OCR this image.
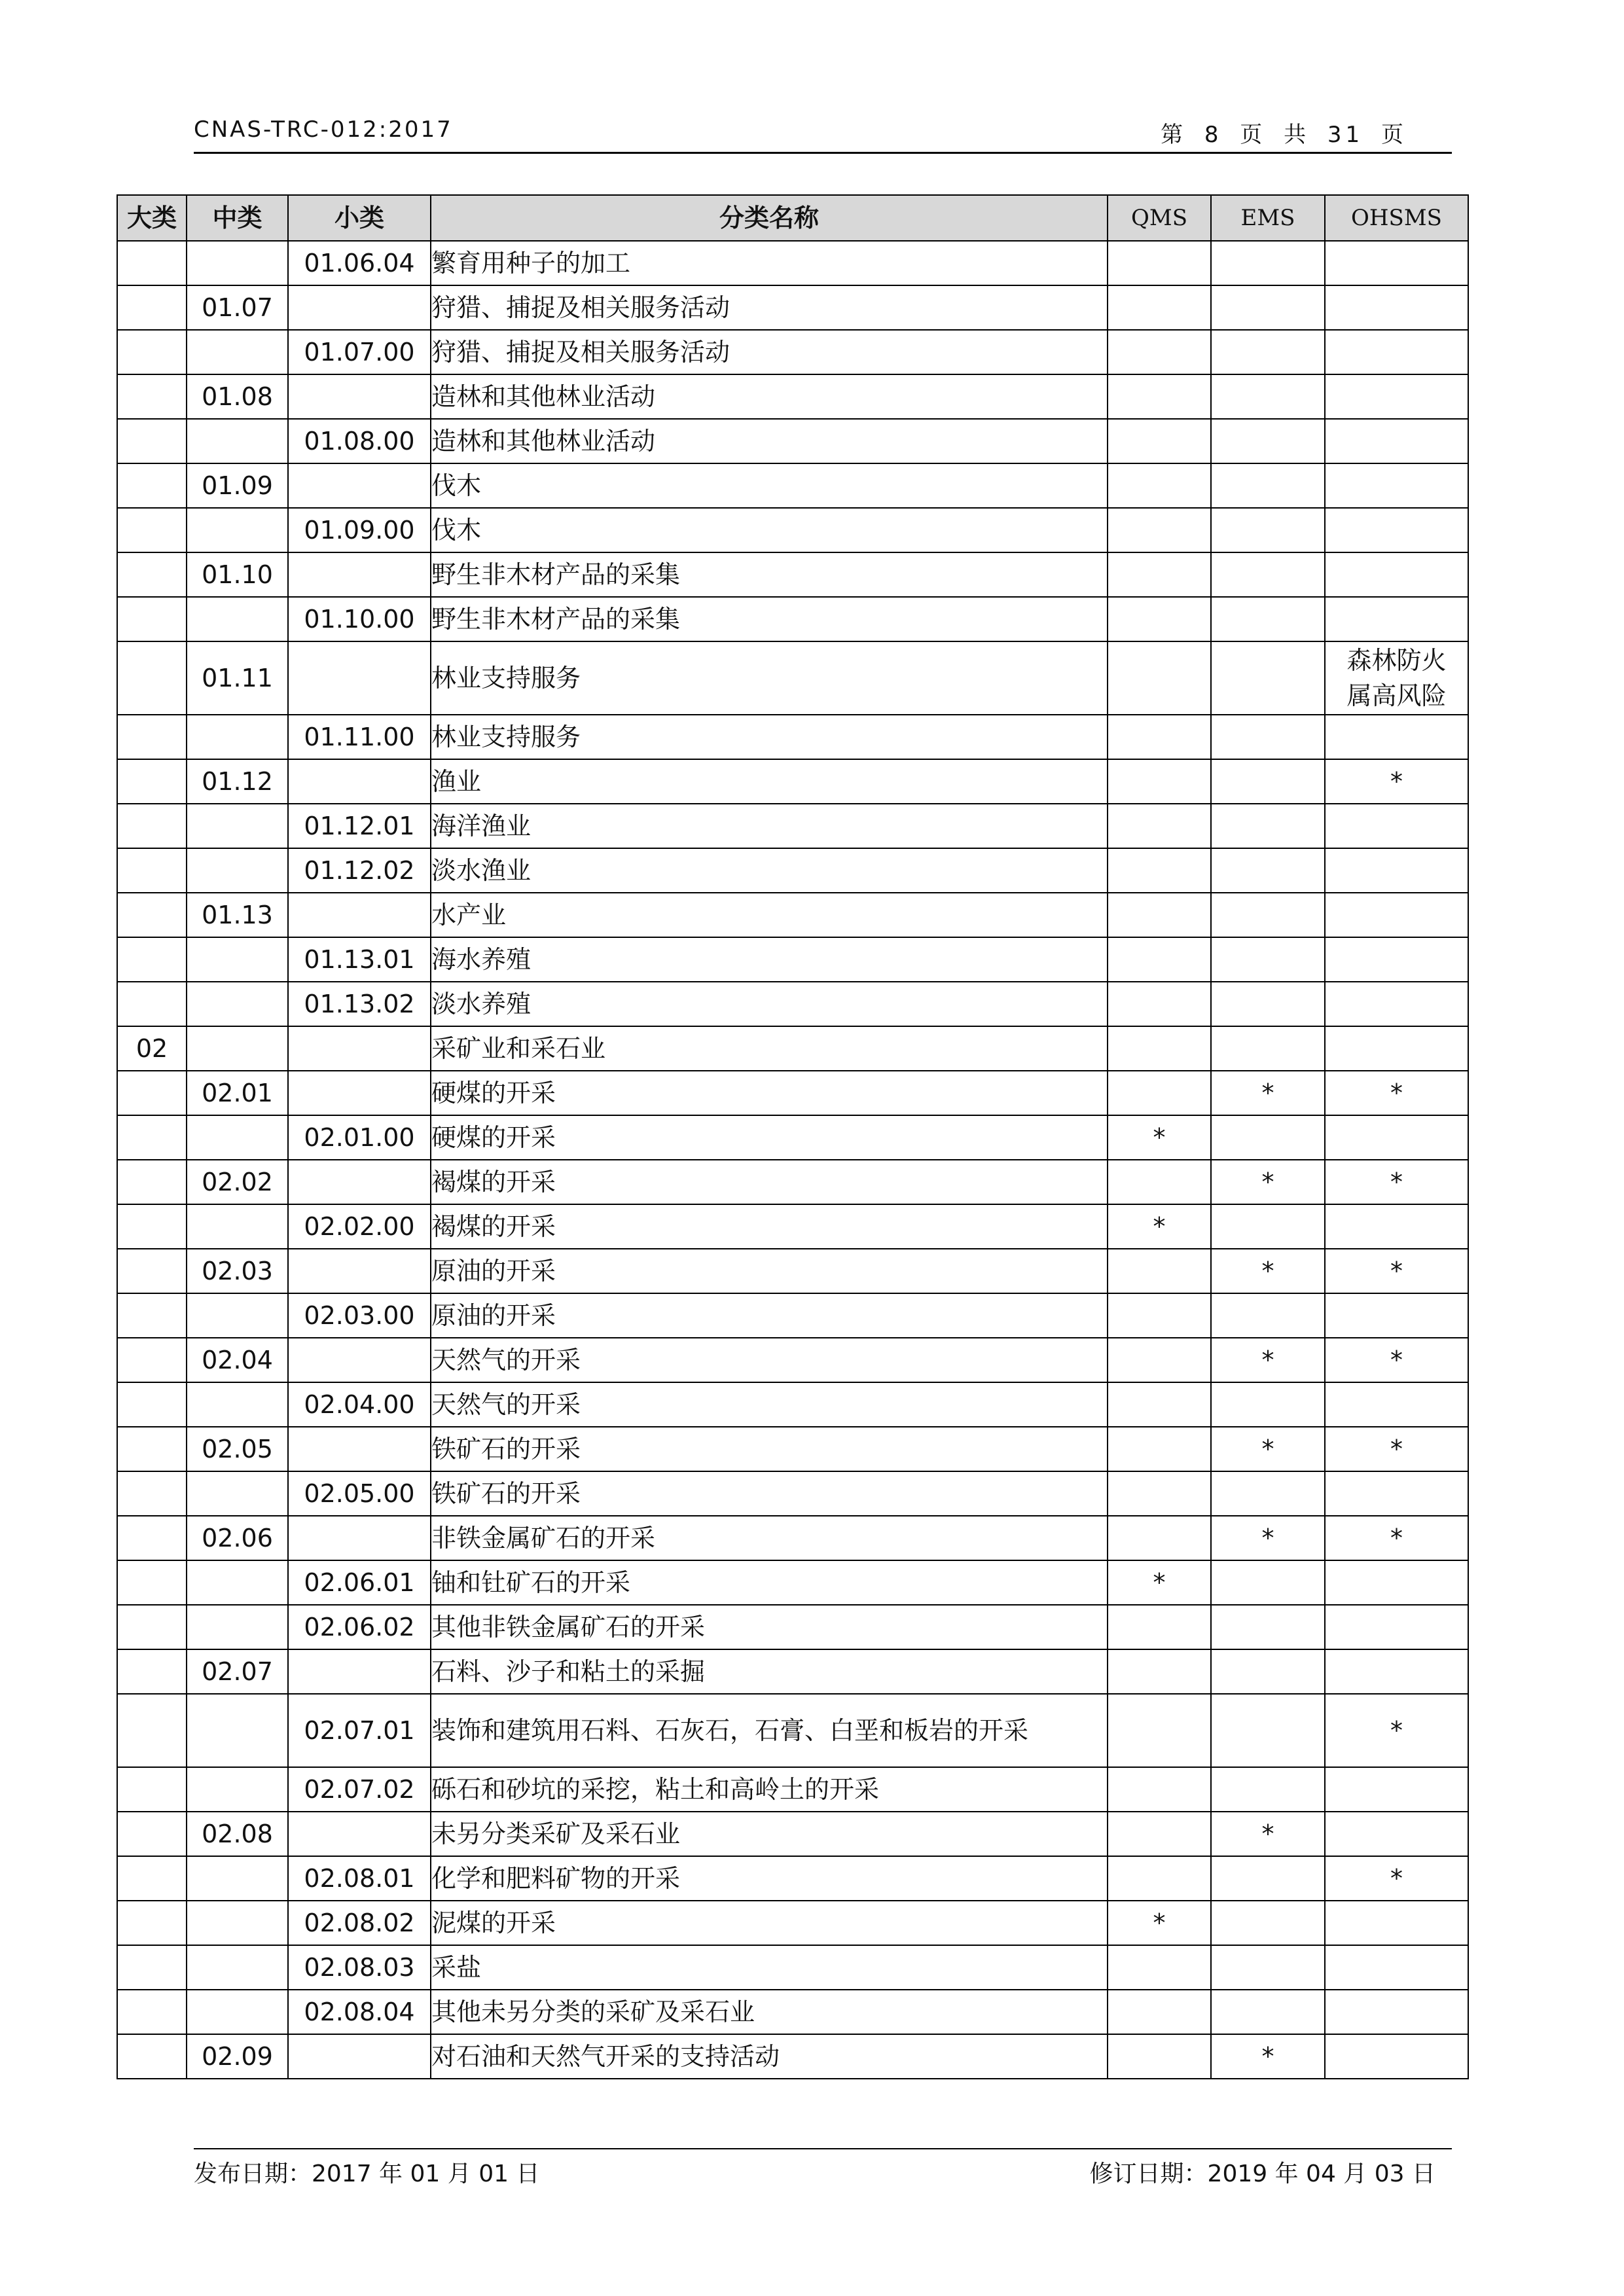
CNAS-TRC-012:2017	第 8 页 共 31 页
大类	中类	小类	分类名称	QMS	EMS	OHSMS
		01.06.04	繁育用种子的加工			
	01.07		狩猎、捕捉及相关服务活动			
		01.07.00	狩猎、捕捉及相关服务活动			
	01.08		造林和其他林业活动			
		01.08.00	造林和其他林业活动			
	01.09		伐木			
		01.09.00	伐木			
	01.10		野生非木材产品的采集			
		01.10.00	野生非木材产品的采集			
	01.11		林业支持服务			森林防火
属高风险
		01.11.00	林业支持服务			
	01.12		渔业			*
		01.12.01	海洋渔业			
		01.12.02	淡水渔业			
	01.13		水产业			
		01.13.01	海水养殖			
		01.13.02	淡水养殖			
02			采矿业和采石业			
	02.01		硬煤的开采		*	*
		02.01.00	硬煤的开采	*		
	02.02		褐煤的开采		*	*
		02.02.00	褐煤的开采	*		
	02.03		原油的开采		*	*
		02.03.00	原油的开采			
	02.04		天然气的开采		*	*
		02.04.00	天然气的开采			
	02.05		铁矿石的开采		*	*
		02.05.00	铁矿石的开采			
	02.06		非铁金属矿石的开采		*	*
		02.06.01	铀和钍矿石的开采	*		
		02.06.02	其他非铁金属矿石的开采			
	02.07		石料、沙子和粘土的采掘			
		02.07.01	装饰和建筑用石料、石灰石，石膏、白垩和板岩的开采			*
		02.07.02	砾石和砂坑的采挖，粘土和高岭土的开采			
	02.08		未另分类采矿及采石业		*	
		02.08.01	化学和肥料矿物的开采			*
		02.08.02	泥煤的开采	*		
		02.08.03	采盐			
		02.08.04	其他未另分类的采矿及采石业			
	02.09		对石油和天然气开采的支持活动		*	
发布日期：2017 年 01 月 01 日	修订日期：2019 年 04 月 03 日
